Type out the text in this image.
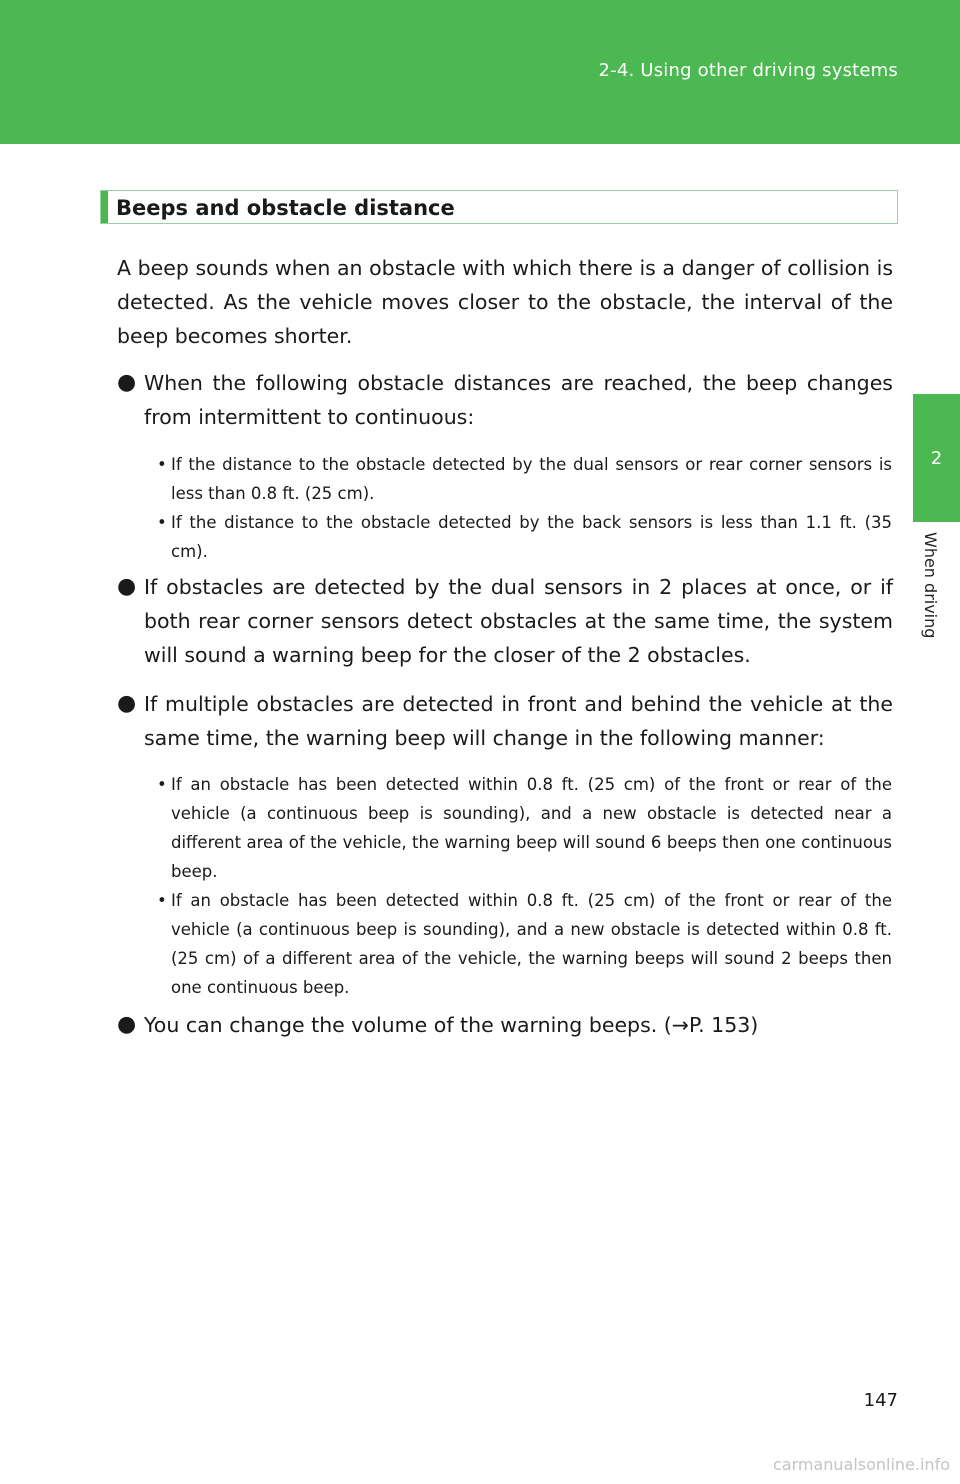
2-4. Using other driving systems
2
When driving
Beeps and obstacle distance
A beep sounds when an obstacle with which there is a danger of collision is detected. As the vehicle moves closer to the obstacle, the interval of the beep becomes shorter.
● When the following obstacle distances are reached, the beep changes from intermittent to continuous:
• If the distance to the obstacle detected by the dual sensors or rear corner sensors is less than 0.8 ft. (25 cm).
• If the distance to the obstacle detected by the back sensors is less than 1.1 ft. (35 cm).
● If obstacles are detected by the dual sensors in 2 places at once, or if both rear corner sensors detect obstacles at the same time, the system will sound a warning beep for the closer of the 2 obstacles.
● If multiple obstacles are detected in front and behind the vehicle at the same time, the warning beep will change in the following manner:
• If an obstacle has been detected within 0.8 ft. (25 cm) of the front or rear of the vehicle (a continuous beep is sounding), and a new obstacle is detected near a different area of the vehicle, the warning beep will sound 6 beeps then one continuous beep.
• If an obstacle has been detected within 0.8 ft. (25 cm) of the front or rear of the vehicle (a continuous beep is sounding), and a new obstacle is detected within 0.8 ft. (25 cm) of a different area of the vehicle, the warning beeps will sound 2 beeps then one continuous beep.
● You can change the volume of the warning beeps. (→P. 153)
147
carmanualsonline.info
